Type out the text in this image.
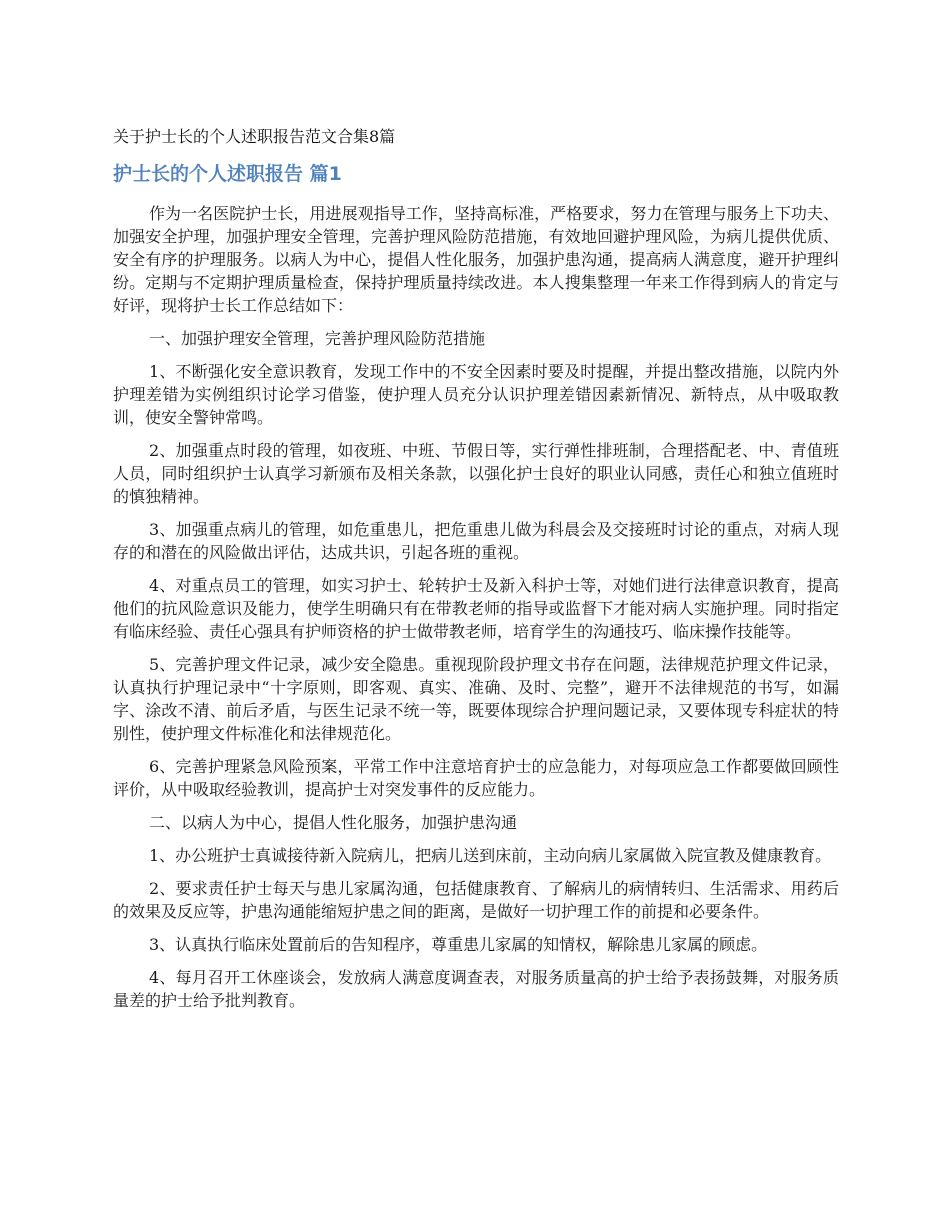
关于护士长的个人述职报告范文合集8篇
护士长的个人述职报告 篇1

作为一名医院护士长，用进展观指导工作，坚持高标准，严格要求，努力在管理与服务上下功夫、加强安全护理，加强护理安全管理，完善护理风险防范措施，有效地回避护理风险，为病儿提供优质、安全有序的护理服务。以病人为中心，提倡人性化服务，加强护患沟通，提高病人满意度，避开护理纠纷。定期与不定期护理质量检查，保持护理质量持续改进。本人搜集整理一年来工作得到病人的肯定与好评，现将护士长工作总结如下：

一、加强护理安全管理，完善护理风险防范措施

1、不断强化安全意识教育，发现工作中的不安全因素时要及时提醒，并提出整改措施，以院内外护理差错为实例组织讨论学习借鉴，使护理人员充分认识护理差错因素新情况、新特点，从中吸取教训，使安全警钟常鸣。

2、加强重点时段的管理，如夜班、中班、节假日等，实行弹性排班制，合理搭配老、中、青值班人员，同时组织护士认真学习新颁布及相关条款，以强化护士良好的职业认同感，责任心和独立值班时的慎独精神。

3、加强重点病儿的管理，如危重患儿，把危重患儿做为科晨会及交接班时讨论的重点，对病人现存的和潜在的风险做出评估，达成共识，引起各班的重视。

4、对重点员工的管理，如实习护士、轮转护士及新入科护士等，对她们进行法律意识教育，提高他们的抗风险意识及能力，使学生明确只有在带教老师的指导或监督下才能对病人实施护理。同时指定有临床经验、责任心强具有护师资格的护士做带教老师，培育学生的沟通技巧、临床操作技能等。

5、完善护理文件记录，减少安全隐患。重视现阶段护理文书存在问题，法律规范护理文件记录，认真执行护理记录中“十字原则，即客观、真实、准确、及时、完整”，避开不法律规范的书写，如漏字、涂改不清、前后矛盾，与医生记录不统一等，既要体现综合护理问题记录，又要体现专科症状的特别性，使护理文件标准化和法律规范化。

6、完善护理紧急风险预案，平常工作中注意培育护士的应急能力，对每项应急工作都要做回顾性评价，从中吸取经验教训，提高护士对突发事件的反应能力。

二、以病人为中心，提倡人性化服务，加强护患沟通

1、办公班护士真诚接待新入院病儿，把病儿送到床前，主动向病儿家属做入院宣教及健康教育。

2、要求责任护士每天与患儿家属沟通，包括健康教育、了解病儿的病情转归、生活需求、用药后的效果及反应等，护患沟通能缩短护患之间的距离，是做好一切护理工作的前提和必要条件。

3、认真执行临床处置前后的告知程序，尊重患儿家属的知情权，解除患儿家属的顾虑。

4、每月召开工休座谈会，发放病人满意度调查表，对服务质量高的护士给予表扬鼓舞，对服务质量差的护士给予批判教育。
